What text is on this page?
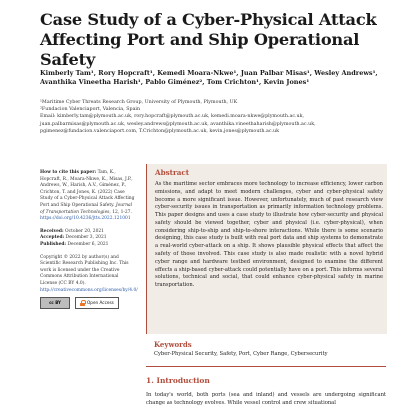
Case Study of a Cyber-Physical Attack Affecting Port and Ship Operational Safety
Kimberly Tam¹, Rory Hopcraft¹, Kemedi Moara-Nkwe¹, Juan Palbar Misas¹, Wesley Andrews¹, Avanthika Vineetha Harish¹, Pablo Giménez², Tom Crichton¹, Kevin Jones¹
¹Maritime Cyber Threats Research Group, University of Plymouth, Plymouth, UK
²Fundacion Valenciaport, Valencia, Spain
Email: kimberly.tam@plymouth.ac.uk, rory.hopcraft@plymouth.ac.uk, kemedi.moara-nkwe@plymouth.ac.uk,
juan.palbarmisas@plymouth.ac.uk, wesley.andrews@plymouth.ac.uk, avanthika.vineethaharish@plymouth.ac.uk,
pgimenez@fundacion.valenciaport.com, T.Crichton@plymouth.ac.uk, kevin.jones@plymouth.ac.uk
How to cite this paper: Tam, K., Hopcraft, R., Moara-Nkwe, K., Misas, J.P., Andrews, W., Harish, A.V., Giménez, P., Crichton, T. and Jones, K. (2022) Case Study of a Cyber-Physical Attack Affecting Port and Ship Operational Safety. Journal of Transportation Technologies, 12, 1-27. https://doi.org/10.4236/jtts.2022.121001
Received: October 20, 2021
Accepted: December 3, 2021
Published: December 6, 2021
Copyright © 2022 by author(s) and Scientific Research Publishing Inc. This work is licensed under the Creative Commons Attribution International License (CC BY 4.0). http://creativecommons.org/licenses/by/4.0/
cc BY	Open Access
Abstract
As the maritime sector embraces more technology to increase efficiency, lower carbon emissions, and adapt to meet modern challenges, cyber and cyber-physical safety become a more significant issue. However, unfortunately, much of past research view cyber-security issues in transportation as primarily information technology problems. This paper designs and uses a case study to illustrate how cyber-security and physical safety should be viewed together, cyber and physical (i.e. cyber-physical), when considering ship-to-ship and ship-to-shore interactions. While there is some scenario designing, this case study is built with real port data and ship systems to demonstrate a real-world cyber-attack on a ship. It shows plausible physical effects that affect the safety of those involved. This case study is also made realistic with a novel hybrid cyber range and hardware testbed environment, designed to examine the different effects a ship-based cyber-attack could potentially have on a port. This informs several solutions, technical and social, that could enhance cyber-physical safety in marine transportation.
Keywords
Cyber-Physical Security, Safety, Port, Cyber Range, Cybersecurity
1. Introduction
In today's world, both ports (sea and inland) and vessels are undergoing significant change as technology evolves. While vessel control and crew situational
